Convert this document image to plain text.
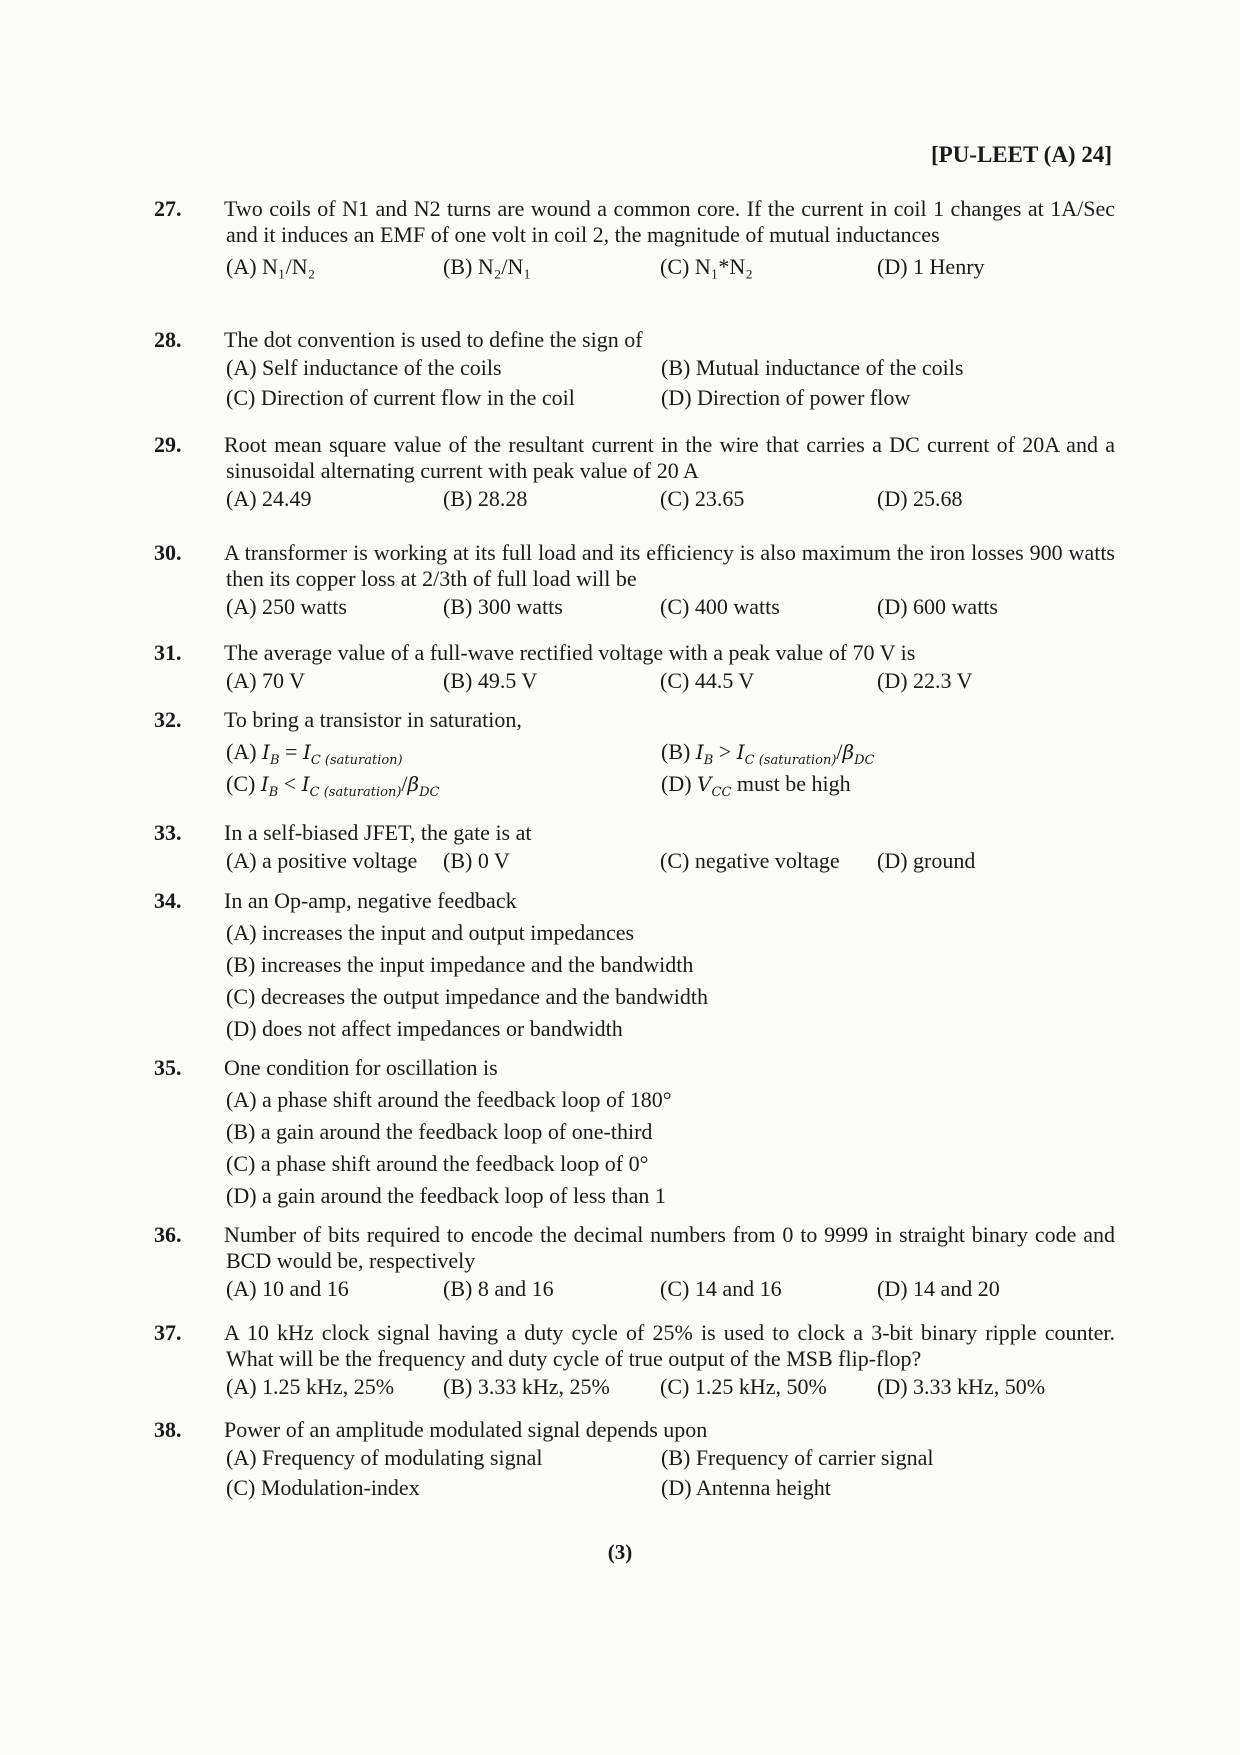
[PU-LEET (A) 24]
27. Two coils of N1 and N2 turns are wound a common core. If the current in coil 1 changes at 1A/Sec and it induces an EMF of one volt in coil 2, the magnitude of mutual inductances
(A) N₁/N₂	(B) N₂/N₁	(C) N₁*N₂	(D) 1 Henry
28. The dot convention is used to define the sign of
(A) Self inductance of the coils	(B) Mutual inductance of the coils
(C) Direction of current flow in the coil	(D) Direction of power flow
29. Root mean square value of the resultant current in the wire that carries a DC current of 20A and a sinusoidal alternating current with peak value of 20 A
(A) 24.49	(B) 28.28	(C) 23.65	(D) 25.68
30. A transformer is working at its full load and its efficiency is also maximum the iron losses 900 watts then its copper loss at 2/3th of full load will be
(A) 250 watts	(B) 300 watts	(C) 400 watts	(D) 600 watts
31. The average value of a full-wave rectified voltage with a peak value of 70 V is
(A) 70 V	(B) 49.5 V	(C) 44.5 V	(D) 22.3 V
32. To bring a transistor in saturation,
(A) $I_B = I_{C (saturation)}$	(B) $I_B > I_{C (saturation)}/\beta_{DC}$
(C) $I_B < I_{C (saturation)}/\beta_{DC}$	(D) $V_{CC}$ must be high
33. In a self-biased JFET, the gate is at
(A) a positive voltage	(B) 0 V	(C) negative voltage	(D) ground
34. In an Op-amp, negative feedback
(A) increases the input and output impedances
(B) increases the input impedance and the bandwidth
(C) decreases the output impedance and the bandwidth
(D) does not affect impedances or bandwidth
35. One condition for oscillation is
(A) a phase shift around the feedback loop of 180°
(B) a gain around the feedback loop of one-third
(C) a phase shift around the feedback loop of 0°
(D) a gain around the feedback loop of less than 1
36. Number of bits required to encode the decimal numbers from 0 to 9999 in straight binary code and BCD would be, respectively
(A) 10 and 16	(B) 8 and 16	(C) 14 and 16	(D) 14 and 20
37. A 10 kHz clock signal having a duty cycle of 25% is used to clock a 3-bit binary ripple counter. What will be the frequency and duty cycle of true output of the MSB flip-flop?
(A) 1.25 kHz, 25%	(B) 3.33 kHz, 25%	(C) 1.25 kHz, 50%	(D) 3.33 kHz, 50%
38. Power of an amplitude modulated signal depends upon
(A) Frequency of modulating signal	(B) Frequency of carrier signal
(C) Modulation-index	(D) Antenna height
(3)
